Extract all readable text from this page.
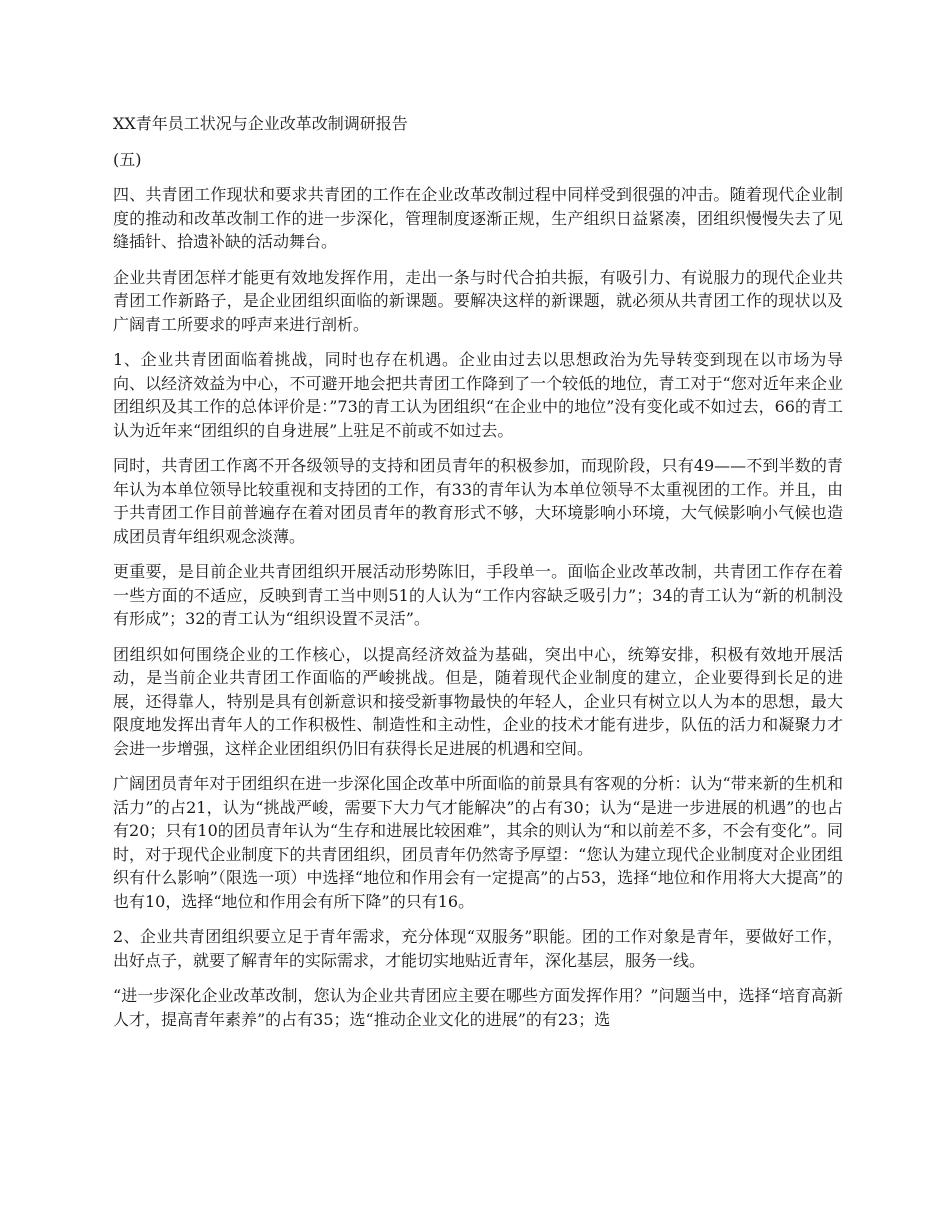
XX青年员工状况与企业改革改制调研报告

(五)

四、共青团工作现状和要求共青团的工作在企业改革改制过程中同样受到很强的冲击。随着现代企业制度的推动和改革改制工作的进一步深化，管理制度逐渐正规，生产组织日益紧凑，团组织慢慢失去了见缝插针、拾遗补缺的活动舞台。

企业共青团怎样才能更有效地发挥作用，走出一条与时代合拍共振，有吸引力、有说服力的现代企业共青团工作新路子，是企业团组织面临的新课题。要解决这样的新课题，就必须从共青团工作的现状以及广阔青工所要求的呼声来进行剖析。

1、企业共青团面临着挑战，同时也存在机遇。企业由过去以思想政治为先导转变到现在以市场为导向、以经济效益为中心，不可避开地会把共青团工作降到了一个较低的地位，青工对于“您对近年来企业团组织及其工作的总体评价是：”73的青工认为团组织“在企业中的地位”没有变化或不如过去，66的青工认为近年来“团组织的自身进展”上驻足不前或不如过去。

同时，共青团工作离不开各级领导的支持和团员青年的积极参加，而现阶段，只有49——不到半数的青年认为本单位领导比较重视和支持团的工作，有33的青年认为本单位领导不太重视团的工作。并且，由于共青团工作目前普遍存在着对团员青年的教育形式不够，大环境影响小环境，大气候影响小气候也造成团员青年组织观念淡薄。

更重要，是目前企业共青团组织开展活动形势陈旧，手段单一。面临企业改革改制，共青团工作存在着一些方面的不适应，反映到青工当中则51的人认为“工作内容缺乏吸引力”；34的青工认为“新的机制没有形成”；32的青工认为“组织设置不灵活”。

团组织如何围绕企业的工作核心，以提高经济效益为基础，突出中心，统筹安排，积极有效地开展活动，是当前企业共青团工作面临的严峻挑战。但是，随着现代企业制度的建立，企业要得到长足的进展，还得靠人，特别是具有创新意识和接受新事物最快的年轻人，企业只有树立以人为本的思想，最大限度地发挥出青年人的工作积极性、制造性和主动性，企业的技术才能有进步，队伍的活力和凝聚力才会进一步增强，这样企业团组织仍旧有获得长足进展的机遇和空间。

广阔团员青年对于团组织在进一步深化国企改革中所面临的前景具有客观的分析：认为“带来新的生机和活力”的占21，认为“挑战严峻，需要下大力气才能解决”的占有30；认为“是进一步进展的机遇”的也占有20；只有10的团员青年认为“生存和进展比较困难”，其余的则认为“和以前差不多，不会有变化”。同时，对于现代企业制度下的共青团组织，团员青年仍然寄予厚望：“您认为建立现代企业制度对企业团组织有什么影响”（限选一项）中选择“地位和作用会有一定提高”的占53，选择“地位和作用将大大提高”的也有10，选择“地位和作用会有所下降”的只有16。

2、企业共青团组织要立足于青年需求，充分体现“双服务”职能。团的工作对象是青年，要做好工作，出好点子，就要了解青年的实际需求，才能切实地贴近青年，深化基层，服务一线。

“进一步深化企业改革改制，您认为企业共青团应主要在哪些方面发挥作用？”问题当中，选择“培育高新人才，提高青年素养”的占有35；选“推动企业文化的进展”的有23；选
